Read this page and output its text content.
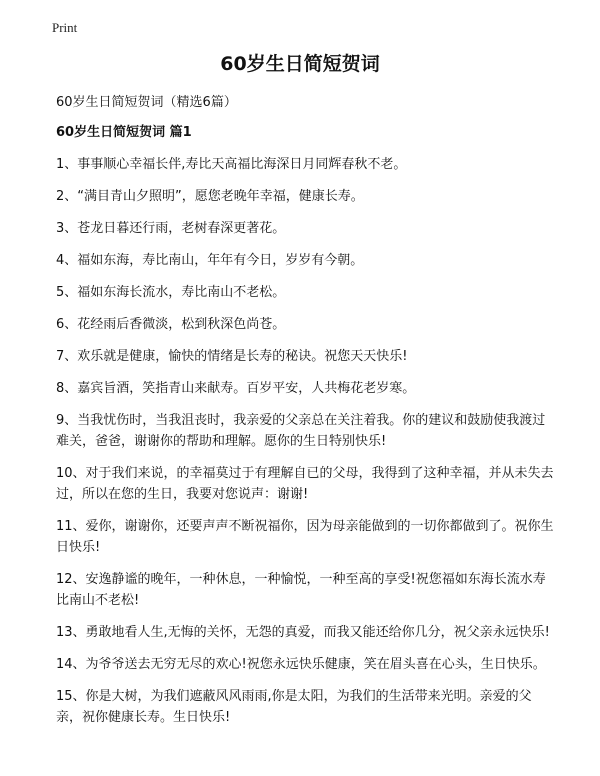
Print
60岁生日简短贺词

60岁生日简短贺词（精选6篇）

60岁生日简短贺词 篇1

1、事事顺心幸福长伴,寿比天高福比海深日月同辉春秋不老。
2、“满目青山夕照明”，愿您老晚年幸福，健康长寿。
3、苍龙日暮还行雨，老树春深更著花。
4、福如东海，寿比南山，年年有今日，岁岁有今朝。
5、福如东海长流水，寿比南山不老松。
6、花经雨后香微淡，松到秋深色尚苍。
7、欢乐就是健康，愉快的情绪是长寿的秘诀。祝您天天快乐!
8、嘉宾旨酒，笑指青山来献寿。百岁平安，人共梅花老岁寒。
9、当我忧伤时，当我沮丧时，我亲爱的父亲总在关注着我。你的建议和鼓励使我渡过难关，爸爸，谢谢你的帮助和理解。愿你的生日特别快乐!
10、对于我们来说，的幸福莫过于有理解自已的父母，我得到了这种幸福，并从未失去过，所以在您的生日，我要对您说声：谢谢!
11、爱你，谢谢你，还要声声不断祝福你，因为母亲能做到的一切你都做到了。祝你生日快乐!
12、安逸静谧的晚年，一种休息，一种愉悦，一种至高的享受!祝您福如东海长流水寿比南山不老松!
13、勇敢地看人生,无悔的关怀，无怨的真爱，而我又能还给你几分，祝父亲永远快乐!
14、为爷爷送去无穷无尽的欢心!祝您永远快乐健康，笑在眉头喜在心头，生日快乐。
15、你是大树，为我们遮蔽风风雨雨,你是太阳，为我们的生活带来光明。亲爱的父亲，祝你健康长寿。生日快乐!
